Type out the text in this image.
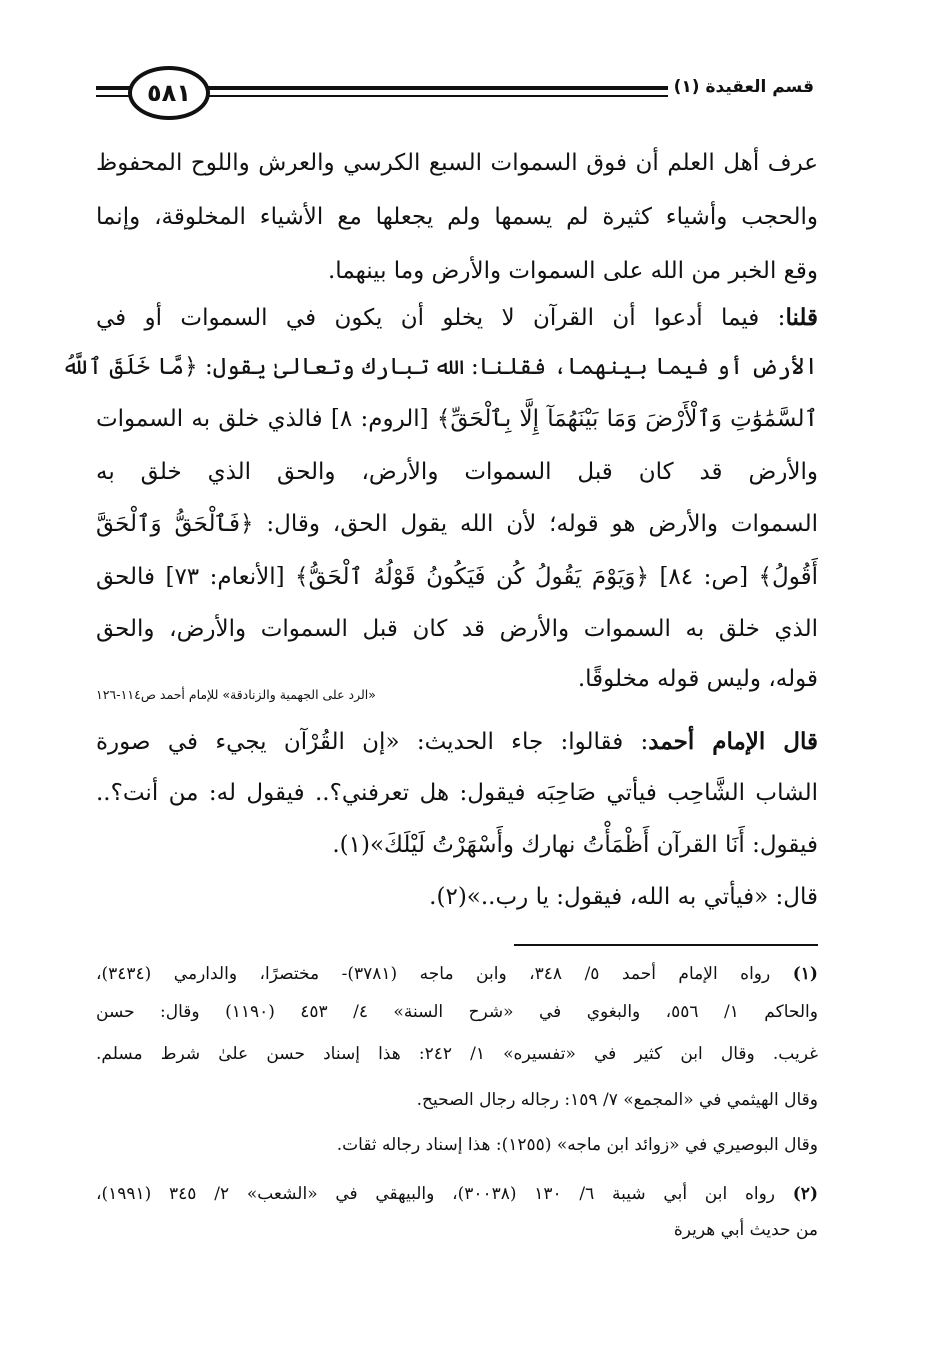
٥٨١	قسم العقيدة (١)
عرف أهل العلم أن فوق السموات السبع الكرسي والعرش واللوح المحفوظ
والحجب وأشياء كثيرة لم يسمها ولم يجعلها مع الأشياء المخلوقة، وإنما
وقع الخبر من الله على السموات والأرض وما بينهما.
قلنا: فيما أدعوا أن القرآن لا يخلو أن يكون في السموات أو في
الأرض أو فيما بينهما، فقلنا: الله تبارك وتعالىٰ يقول: ﴿مَّا خَلَقَ ٱللَّهُ
ٱلسَّمَٰوَٰتِ وَٱلْأَرْضَ وَمَا بَيْنَهُمَآ إِلَّا بِٱلْحَقِّ﴾ [الروم: ٨] فالذي خلق به السموات
والأرض قد كان قبل السموات والأرض، والحق الذي خلق به
السموات والأرض هو قوله؛ لأن الله يقول الحق، وقال: ﴿فَٱلْحَقُّ وَٱلْحَقَّ
أَقُولُ﴾ [ص: ٨٤] ﴿وَيَوْمَ يَقُولُ كُن فَيَكُونُ قَوْلُهُ ٱلْحَقُّ﴾ [الأنعام: ٧٣] فالحق
الذي خلق به السموات والأرض قد كان قبل السموات والأرض، والحق
قوله، وليس قوله مخلوقًا.
«الرد على الجهمية والزنادقة» للإمام أحمد ص١١٤-١٢٦
قال الإمام أحمد: فقالوا: جاء الحديث: «إن القُرْآن يجيء في صورة
الشاب الشَّاحِب فيأتي صَاحِبَه فيقول: هل تعرفني؟.. فيقول له: من أنت؟..
فيقول: أَنَا القرآن أَظْمَأْتُ نهارك وأَسْهَرْتُ لَيْلَكَ»(١).
قال: «فيأتي به الله، فيقول: يا رب..»(٢).
(١) رواه الإمام أحمد ٥/ ٣٤٨، وابن ماجه (٣٧٨١)- مختصرًا، والدارمي (٣٤٣٤)،
والحاكم ١/ ٥٥٦، والبغوي في «شرح السنة» ٤/ ٤٥٣ (١١٩٠) وقال: حسن
غريب. وقال ابن كثير في «تفسيره» ١/ ٢٤٢: هذا إسناد حسن علىٰ شرط مسلم.
وقال الهيثمي في «المجمع» ٧/ ١٥٩: رجاله رجال الصحيح.
وقال البوصيري في «زوائد ابن ماجه» (١٢٥٥): هذا إسناد رجاله ثقات.
(٢) رواه ابن أبي شيبة ٦/ ١٣٠ (٣٠٠٣٨)، والبيهقي في «الشعب» ٢/ ٣٤٥ (١٩٩١)،
من حديث أبي هريرة
